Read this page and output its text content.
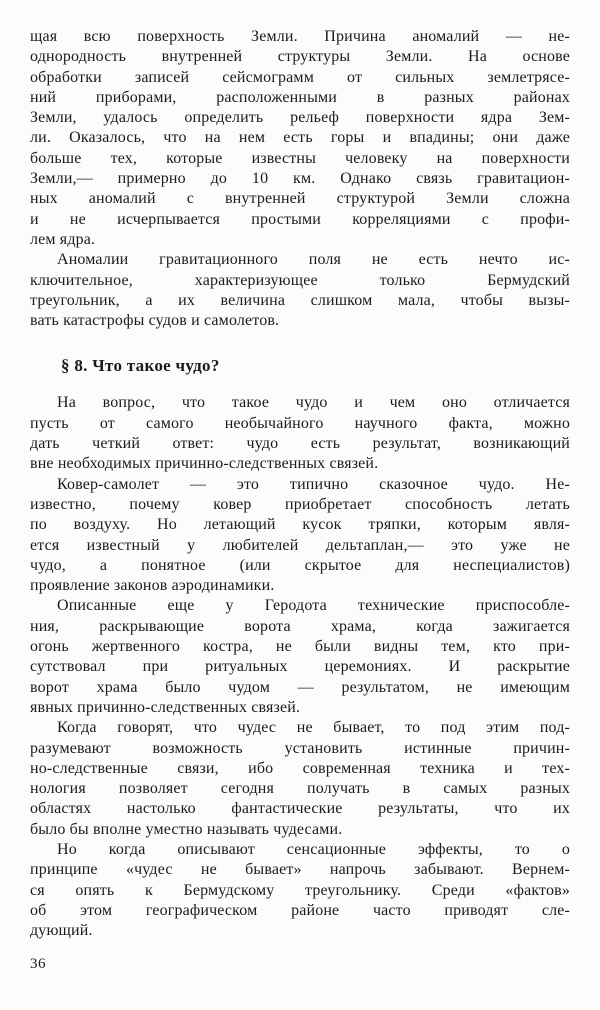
щая всю поверхность Земли. Причина аномалий — не-
однородность внутренней структуры Земли. На основе
обработки записей сейсмограмм от сильных землетрясе-
ний приборами, расположенными в разных районах
Земли, удалось определить рельеф поверхности ядра Зем-
ли. Оказалось, что на нем есть горы и впадины; они даже
больше тех, которые известны человеку на поверхности
Земли,— примерно до 10 км. Однако связь гравитацион-
ных аномалий с внутренней структурой Земли сложна
и не исчерпывается простыми корреляциями с профи-
лем ядра.
Аномалии гравитационного поля не есть нечто ис-
ключительное, характеризующее только Бермудский
треугольник, а их величина слишком мала, чтобы вызы-
вать катастрофы судов и самолетов.
§ 8. Что такое чудо?
На вопрос, что такое чудо и чем оно отличается
пусть от самого необычайного научного факта, можно
дать четкий ответ: чудо есть результат, возникающий
вне необходимых причинно-следственных связей.
Ковер-самолет — это типично сказочное чудо. Не-
известно, почему ковер приобретает способность летать
по воздуху. Но летающий кусок тряпки, которым явля-
ется известный у любителей дельтаплан,— это уже не
чудо, а понятное (или скрытое для неспециалистов)
проявление законов аэродинамики.
Описанные еще у Геродота технические приспособле-
ния, раскрывающие ворота храма, когда зажигается
огонь жертвенного костра, не были видны тем, кто при-
сутствовал при ритуальных церемониях. И раскрытие
ворот храма было чудом — результатом, не имеющим
явных причинно-следственных связей.
Когда говорят, что чудес не бывает, то под этим под-
разумевают возможность установить истинные причин-
но-следственные связи, ибо современная техника и тех-
нология позволяет сегодня получать в самых разных
областях настолько фантастические результаты, что их
было бы вполне уместно называть чудесами.
Но когда описывают сенсационные эффекты, то о
принципе «чудес не бывает» напрочь забывают. Вернем-
ся опять к Бермудскому треугольнику. Среди «фактов»
об этом географическом районе часто приводят сле-
дующий.
36
